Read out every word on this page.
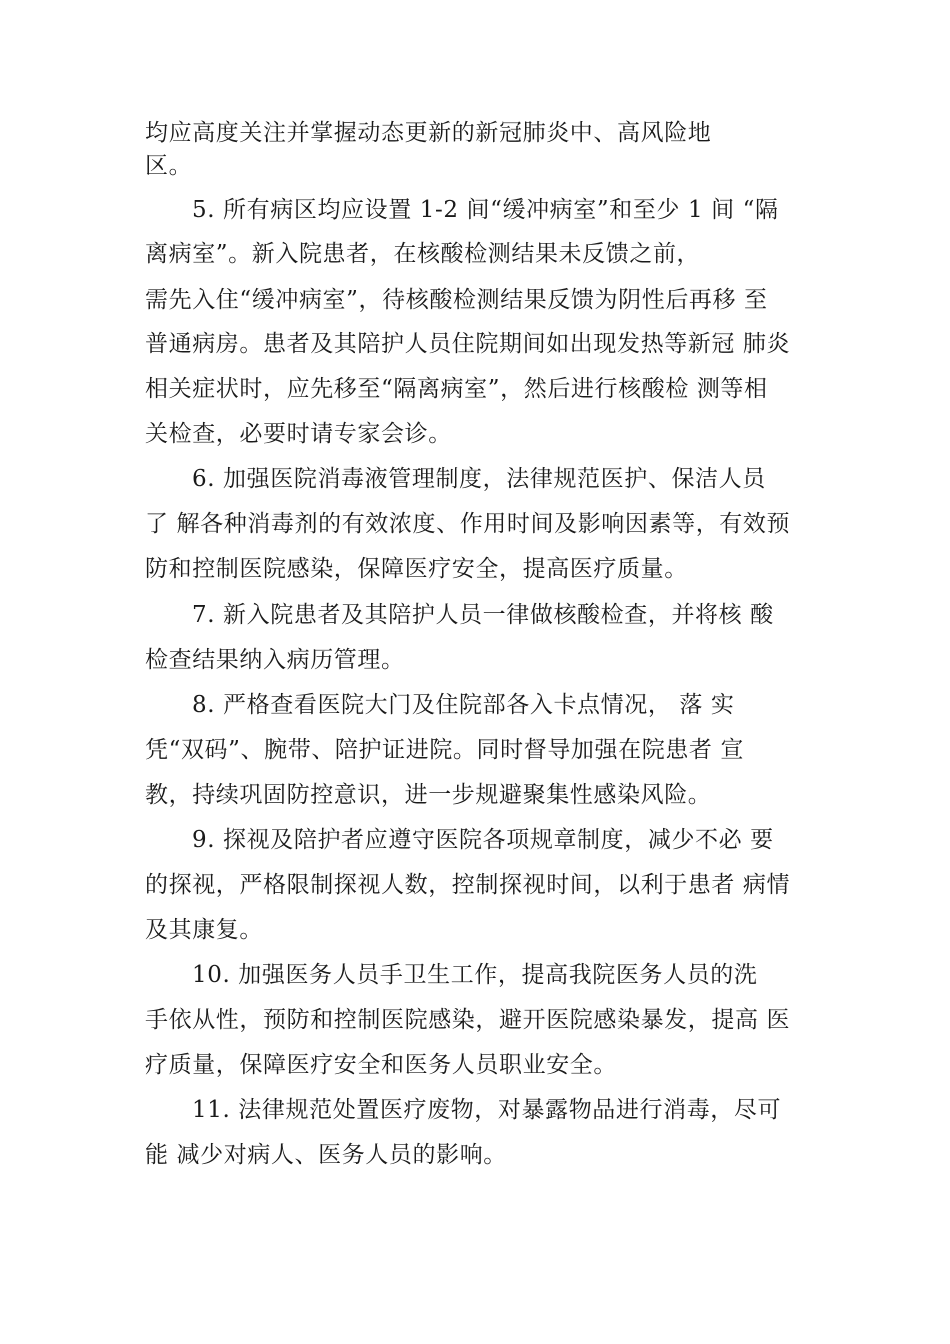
均应高度关注并掌握动态更新的新冠肺炎中、高风险地
区。
5. 所有病区均应设置 1-2 间“缓冲病室”和至少 1 间 “隔
离病室”。新入院患者，在核酸检测结果未反馈之前，
需先入住“缓冲病室”，待核酸检测结果反馈为阴性后再移 至
普通病房。患者及其陪护人员住院期间如出现发热等新冠 肺炎
相关症状时，应先移至“隔离病室”，然后进行核酸检 测等相
关检查，必要时请专家会诊。
6. 加强医院消毒液管理制度，法律规范医护、保洁人员
了 解各种消毒剂的有效浓度、作用时间及影响因素等，有效预
防和控制医院感染，保障医疗安全，提高医疗质量。
7. 新入院患者及其陪护人员一律做核酸检查，并将核 酸
检查结果纳入病历管理。
8. 严格查看医院大门及住院部各入卡点情况， 落 实
凭“双码”、腕带、陪护证进院。同时督导加强在院患者 宣
教，持续巩固防控意识，进一步规避聚集性感染风险。
9. 探视及陪护者应遵守医院各项规章制度，减少不必 要
的探视，严格限制探视人数，控制探视时间，以利于患者 病情
及其康复。
10. 加强医务人员手卫生工作，提高我院医务人员的洗
手依从性，预防和控制医院感染，避开医院感染暴发，提高 医
疗质量，保障医疗安全和医务人员职业安全。
11. 法律规范处置医疗废物，对暴露物品进行消毒，尽可
能 减少对病人、医务人员的影响。
